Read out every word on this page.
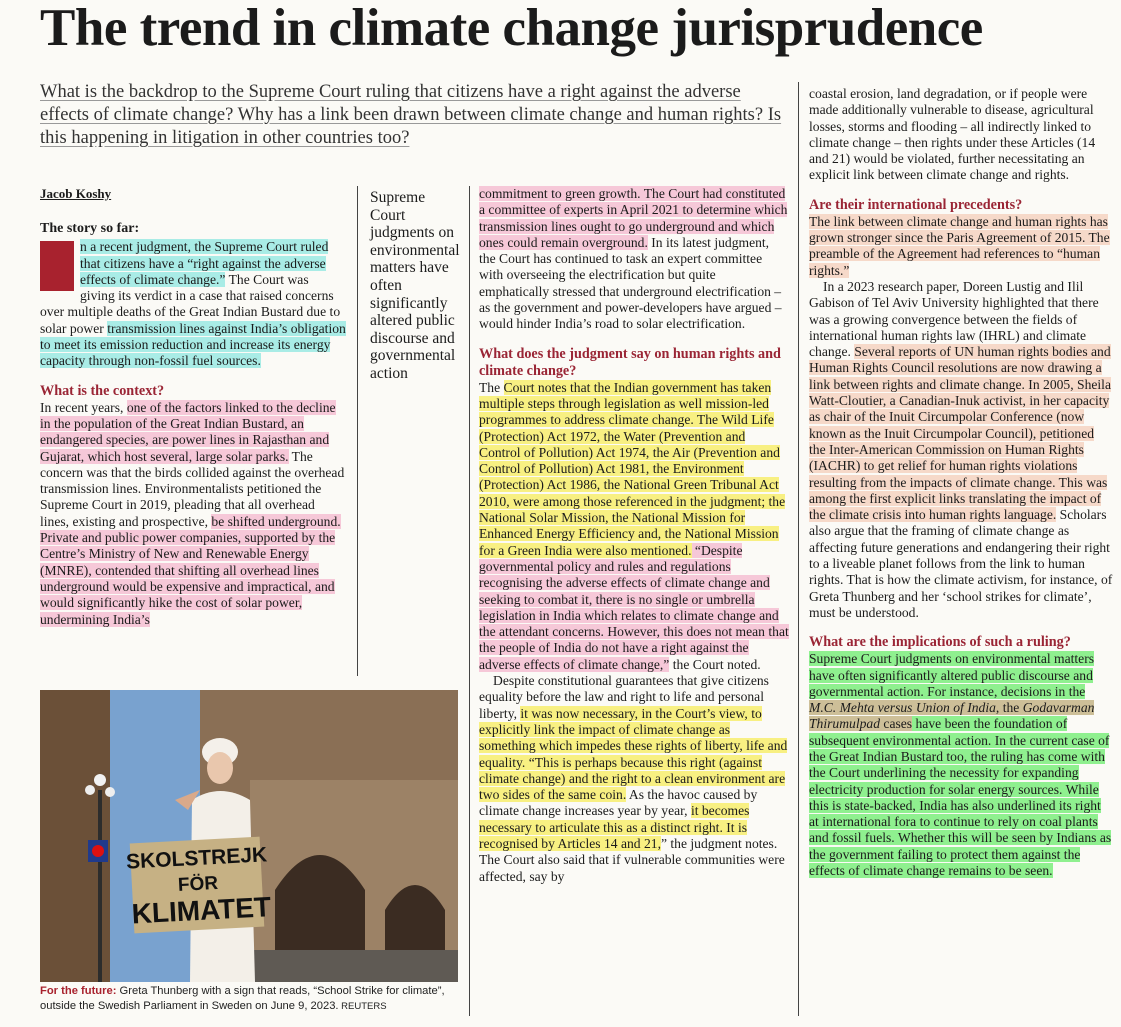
The trend in climate change jurisprudence
What is the backdrop to the Supreme Court ruling that citizens have a right against the adverse effects of climate change? Why has a link been drawn between climate change and human rights? Is this happening in litigation in other countries too?
Jacob Koshy

The story so far:

n a recent judgment, the Supreme Court ruled that citizens have a “right against the adverse effects of climate change.” The Court was giving its verdict in a case that raised concerns over multiple deaths of the Great Indian Bustard due to solar power transmission lines against India’s obligation to meet its emission reduction and increase its energy capacity through non-fossil fuel sources.

What is the context?

In recent years, one of the factors linked to the decline in the population of the Great Indian Bustard, an endangered species, are power lines in Rajasthan and Gujarat, which host several, large solar parks. The concern was that the birds collided against the overhead transmission lines. Environmentalists petitioned the Supreme Court in 2019, pleading that all overhead lines, existing and prospective, be shifted underground. Private and public power companies, supported by the Centre’s Ministry of New and Renewable Energy (MNRE), contended that shifting all overhead lines underground would be expensive and impractical, and would significantly hike the cost of solar power, undermining India’s

Supreme Court judgments on environmental matters have often significantly altered public discourse and governmental action

commitment to green growth. The Court had constituted a committee of experts in April 2021 to determine which transmission lines ought to go underground and which ones could remain overground. In its latest judgment, the Court has continued to task an expert committee with overseeing the electrification but quite emphatically stressed that underground electrification – as the government and power-developers have argued – would hinder India’s road to solar electrification.

What does the judgment say on human rights and climate change?

The Court notes that the Indian government has taken multiple steps through legislation as well mission-led programmes to address climate change. The Wild Life (Protection) Act 1972, the Water (Prevention and Control of Pollution) Act 1974, the Air (Prevention and Control of Pollution) Act 1981, the Environment (Protection) Act 1986, the National Green Tribunal Act 2010, were among those referenced in the judgment; the National Solar Mission, the National Mission for Enhanced Energy Efficiency and, the National Mission for a Green India were also mentioned. “Despite governmental policy and rules and regulations recognising the adverse effects of climate change and seeking to combat it, there is no single or umbrella legislation in India which relates to climate change and the attendant concerns. However, this does not mean that the people of India do not have a right against the adverse effects of climate change,” the Court noted.

Despite constitutional guarantees that give citizens equality before the law and right to life and personal liberty, it was now necessary, in the Court’s view, to explicitly link the impact of climate change as something which impedes these rights of liberty, life and equality. “This is perhaps because this right (against climate change) and the right to a clean environment are two sides of the same coin. As the havoc caused by climate change increases year by year, it becomes necessary to articulate this as a distinct right. It is recognised by Articles 14 and 21,” the judgment notes. The Court also said that if vulnerable communities were affected, say by

coastal erosion, land degradation, or if people were made additionally vulnerable to disease, agricultural losses, storms and flooding – all indirectly linked to climate change – then rights under these Articles (14 and 21) would be violated, further necessitating an explicit link between climate change and rights.

Are their international precedents?

The link between climate change and human rights has grown stronger since the Paris Agreement of 2015. The preamble of the Agreement had references to “human rights.”

In a 2023 research paper, Doreen Lustig and Ilil Gabison of Tel Aviv University highlighted that there was a growing convergence between the fields of international human rights law (IHRL) and climate change. Several reports of UN human rights bodies and Human Rights Council resolutions are now drawing a link between rights and climate change. In 2005, Sheila Watt-Cloutier, a Canadian-Inuk activist, in her capacity as chair of the Inuit Circumpolar Conference (now known as the Inuit Circumpolar Council), petitioned the Inter-American Commission on Human Rights (IACHR) to get relief for human rights violations resulting from the impacts of climate change. This was among the first explicit links translating the impact of the climate crisis into human rights language. Scholars also argue that the framing of climate change as affecting future generations and endangering their right to a liveable planet follows from the link to human rights. That is how the climate activism, for instance, of Greta Thunberg and her ‘school strikes for climate’, must be understood.

What are the implications of such a ruling?

Supreme Court judgments on environmental matters have often significantly altered public discourse and governmental action. For instance, decisions in the M.C. Mehta versus Union of India, the Godavarman Thirumulpad cases have been the foundation of subsequent environmental action. In the current case of the Great Indian Bustard too, the ruling has come with the Court underlining the necessity for expanding electricity production for solar energy sources. While this is state-backed, India has also underlined its right at international fora to continue to rely on coal plants and fossil fuels. Whether this will be seen by Indians as the government failing to protect them against the effects of climate change remains to be seen.

SKOLSTREJK
FÖR
KLIMATET
For the future: Greta Thunberg with a sign that reads, “School Strike for climate”, outside the Swedish Parliament in Sweden on June 9, 2023. REUTERS
